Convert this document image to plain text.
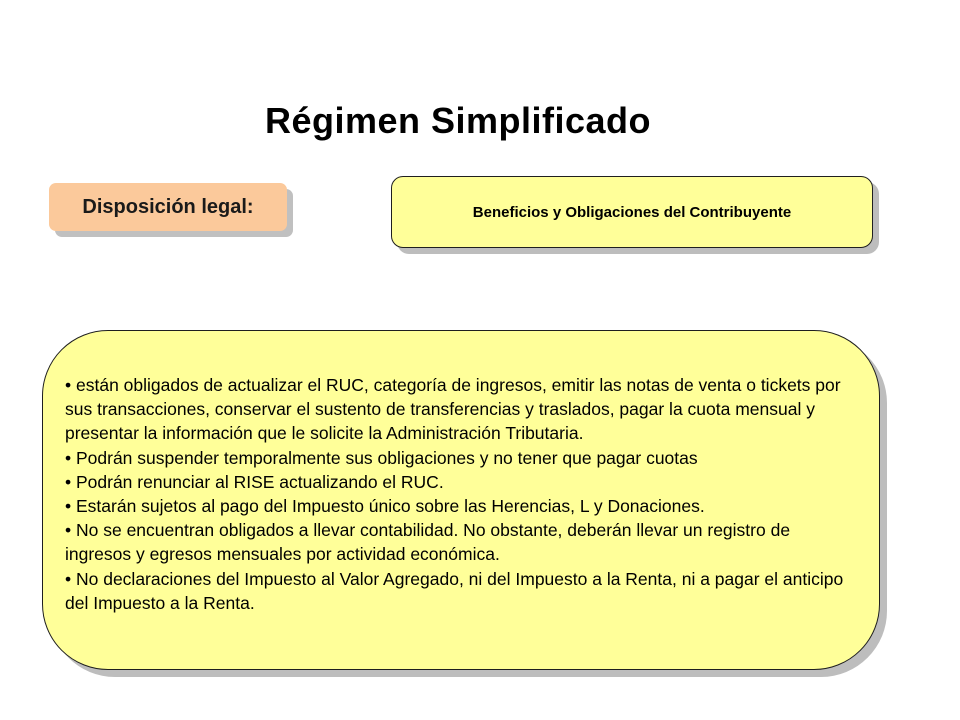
Régimen Simplificado
Disposición legal:	Beneficios y Obligaciones del Contribuyente
• están obligados de actualizar el RUC, categoría de ingresos, emitir las notas de venta o tickets por sus transacciones, conservar el sustento de transferencias y traslados, pagar la cuota mensual y presentar la información que le solicite la Administración Tributaria.
• Podrán suspender temporalmente sus obligaciones y no tener que pagar cuotas
• Podrán renunciar al RISE actualizando el RUC.
• Estarán sujetos al pago del Impuesto único sobre las Herencias, L y Donaciones.
• No se encuentran obligados a llevar contabilidad. No obstante, deberán llevar un registro de ingresos y egresos mensuales por actividad económica.
• No declaraciones del Impuesto al Valor Agregado, ni del Impuesto a la Renta, ni a pagar el anticipo del Impuesto a la Renta.
